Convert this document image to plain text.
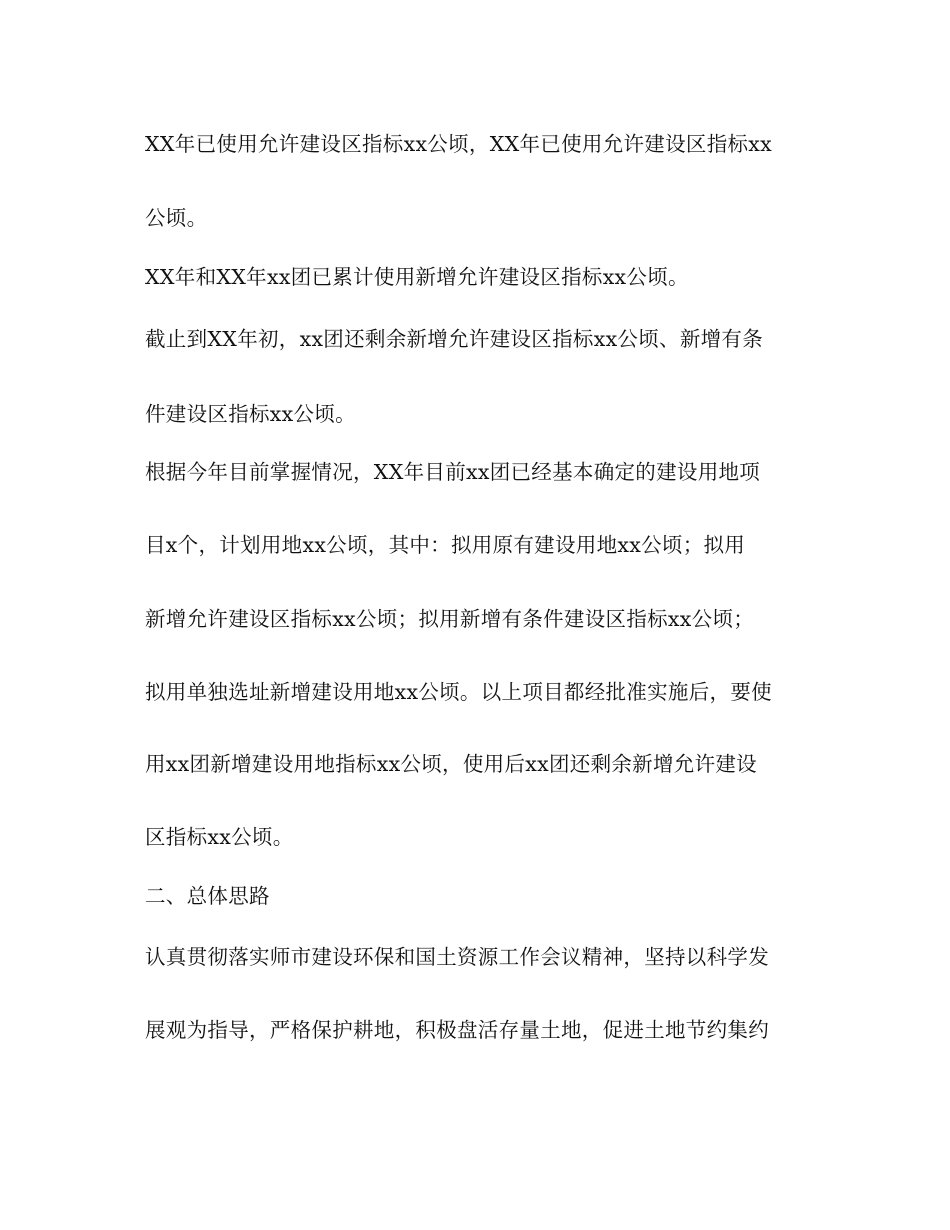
XX年已使用允许建设区指标xx公顷，XX年已使用允许建设区指标xx
公顷。
XX年和XX年xx团已累计使用新增允许建设区指标xx公顷。
截止到XX年初，xx团还剩余新增允许建设区指标xx公顷、新增有条
件建设区指标xx公顷。
根据今年目前掌握情况，XX年目前xx团已经基本确定的建设用地项
目x个，计划用地xx公顷，其中：拟用原有建设用地xx公顷；拟用
新增允许建设区指标xx公顷；拟用新增有条件建设区指标xx公顷；
拟用单独选址新增建设用地xx公顷。以上项目都经批准实施后，要使
用xx团新增建设用地指标xx公顷，使用后xx团还剩余新增允许建设
区指标xx公顷。
二、总体思路
认真贯彻落实师市建设环保和国土资源工作会议精神，坚持以科学发
展观为指导，严格保护耕地，积极盘活存量土地，促进土地节约集约
